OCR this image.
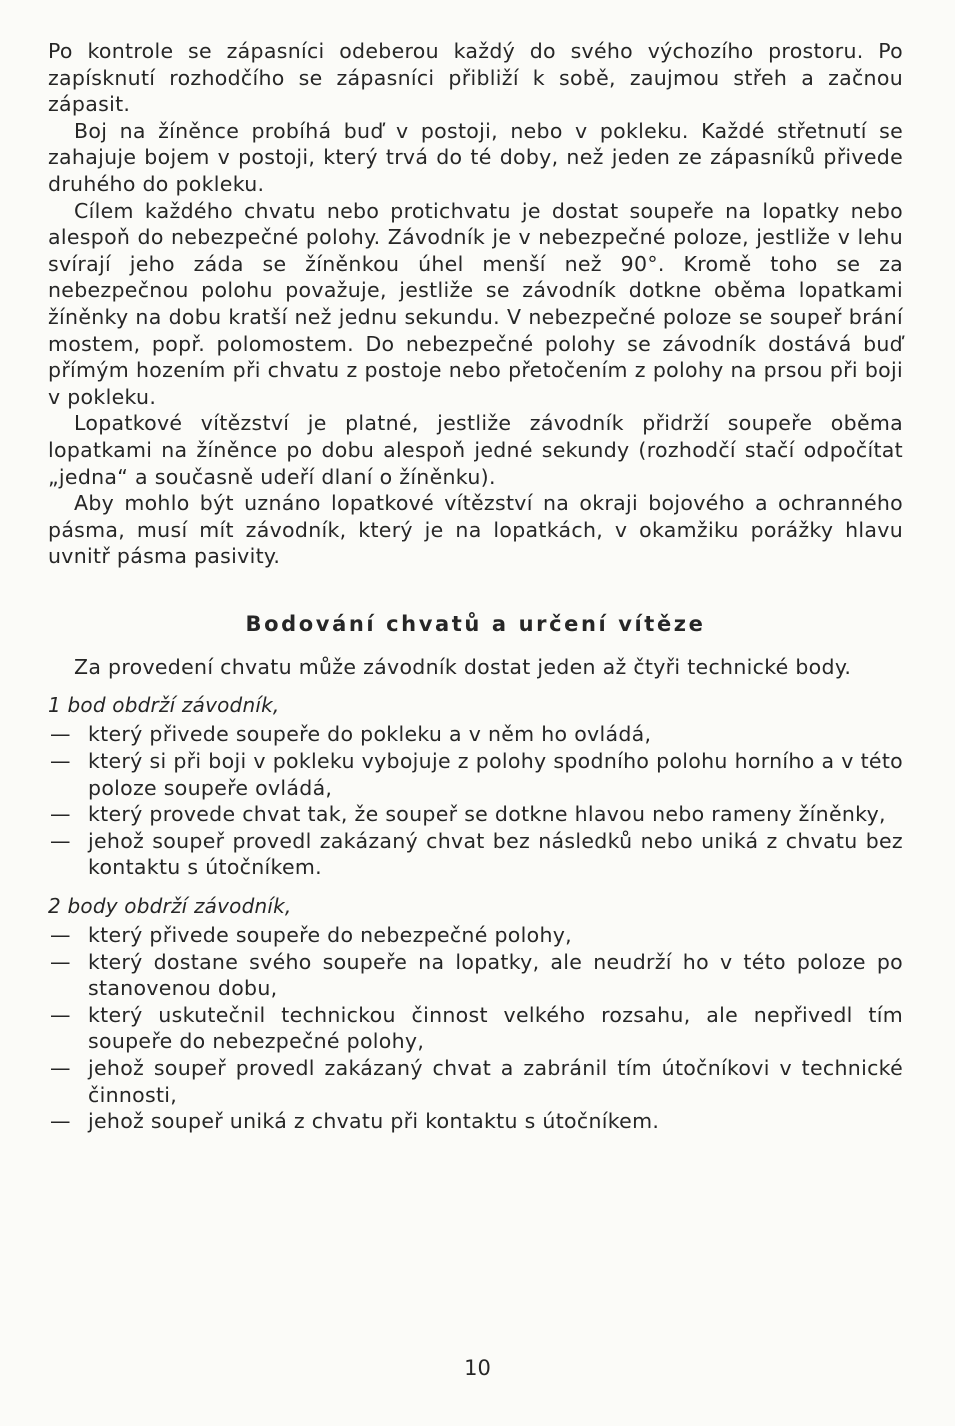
Po kontrole se zápasníci odeberou každý do svého výchozího prostoru. Po zapísknutí rozhodčího se zápasníci přibliží k sobě, zaujmou střeh a začnou zápasit.

Boj na žíněnce probíhá buď v postoji, nebo v pokleku. Každé střetnutí se zahajuje bojem v postoji, který trvá do té doby, než jeden ze zápasníků přivede druhého do pokleku.

Cílem každého chvatu nebo protichvatu je dostat soupeře na lopatky nebo alespoň do nebezpečné polohy. Závodník je v nebezpečné poloze, jestliže v lehu svírají jeho záda se žíněnkou úhel menší než 90°. Kromě toho se za nebezpečnou polohu považuje, jestliže se závodník dotkne oběma lopatkami žíněnky na dobu kratší než jednu sekundu. V nebezpečné poloze se soupeř brání mostem, popř. polomostem. Do nebezpečné polohy se závodník dostává buď přímým hozením při chvatu z postoje nebo přetočením z polohy na prsou při boji v pokleku.

Lopatkové vítězství je platné, jestliže závodník přidrží soupeře oběma lopatkami na žíněnce po dobu alespoň jedné sekundy (rozhodčí stačí odpočítat „jedna“ a současně udeří dlaní o žíněnku).

Aby mohlo být uznáno lopatkové vítězství na okraji bojového a ochranného pásma, musí mít závodník, který je na lopatkách, v okamžiku porážky hlavu uvnitř pásma pasivity.

Bodování chvatů a určení vítěze

Za provedení chvatu může závodník dostat jeden až čtyři technické body.

1 bod obdrží závodník,
— který přivede soupeře do pokleku a v něm ho ovládá,
— který si při boji v pokleku vybojuje z polohy spodního polohu horního a v této poloze soupeře ovládá,
— který provede chvat tak, že soupeř se dotkne hlavou nebo rameny žíněnky,
— jehož soupeř provedl zakázaný chvat bez následků nebo uniká z chvatu bez kontaktu s útočníkem.
2 body obdrží závodník,
— který přivede soupeře do nebezpečné polohy,
— který dostane svého soupeře na lopatky, ale neudrží ho v této poloze po stanovenou dobu,
— který uskutečnil technickou činnost velkého rozsahu, ale nepřivedl tím soupeře do nebezpečné polohy,
— jehož soupeř provedl zakázaný chvat a zabránil tím útočníkovi v technické činnosti,
— jehož soupeř uniká z chvatu při kontaktu s útočníkem.
10
